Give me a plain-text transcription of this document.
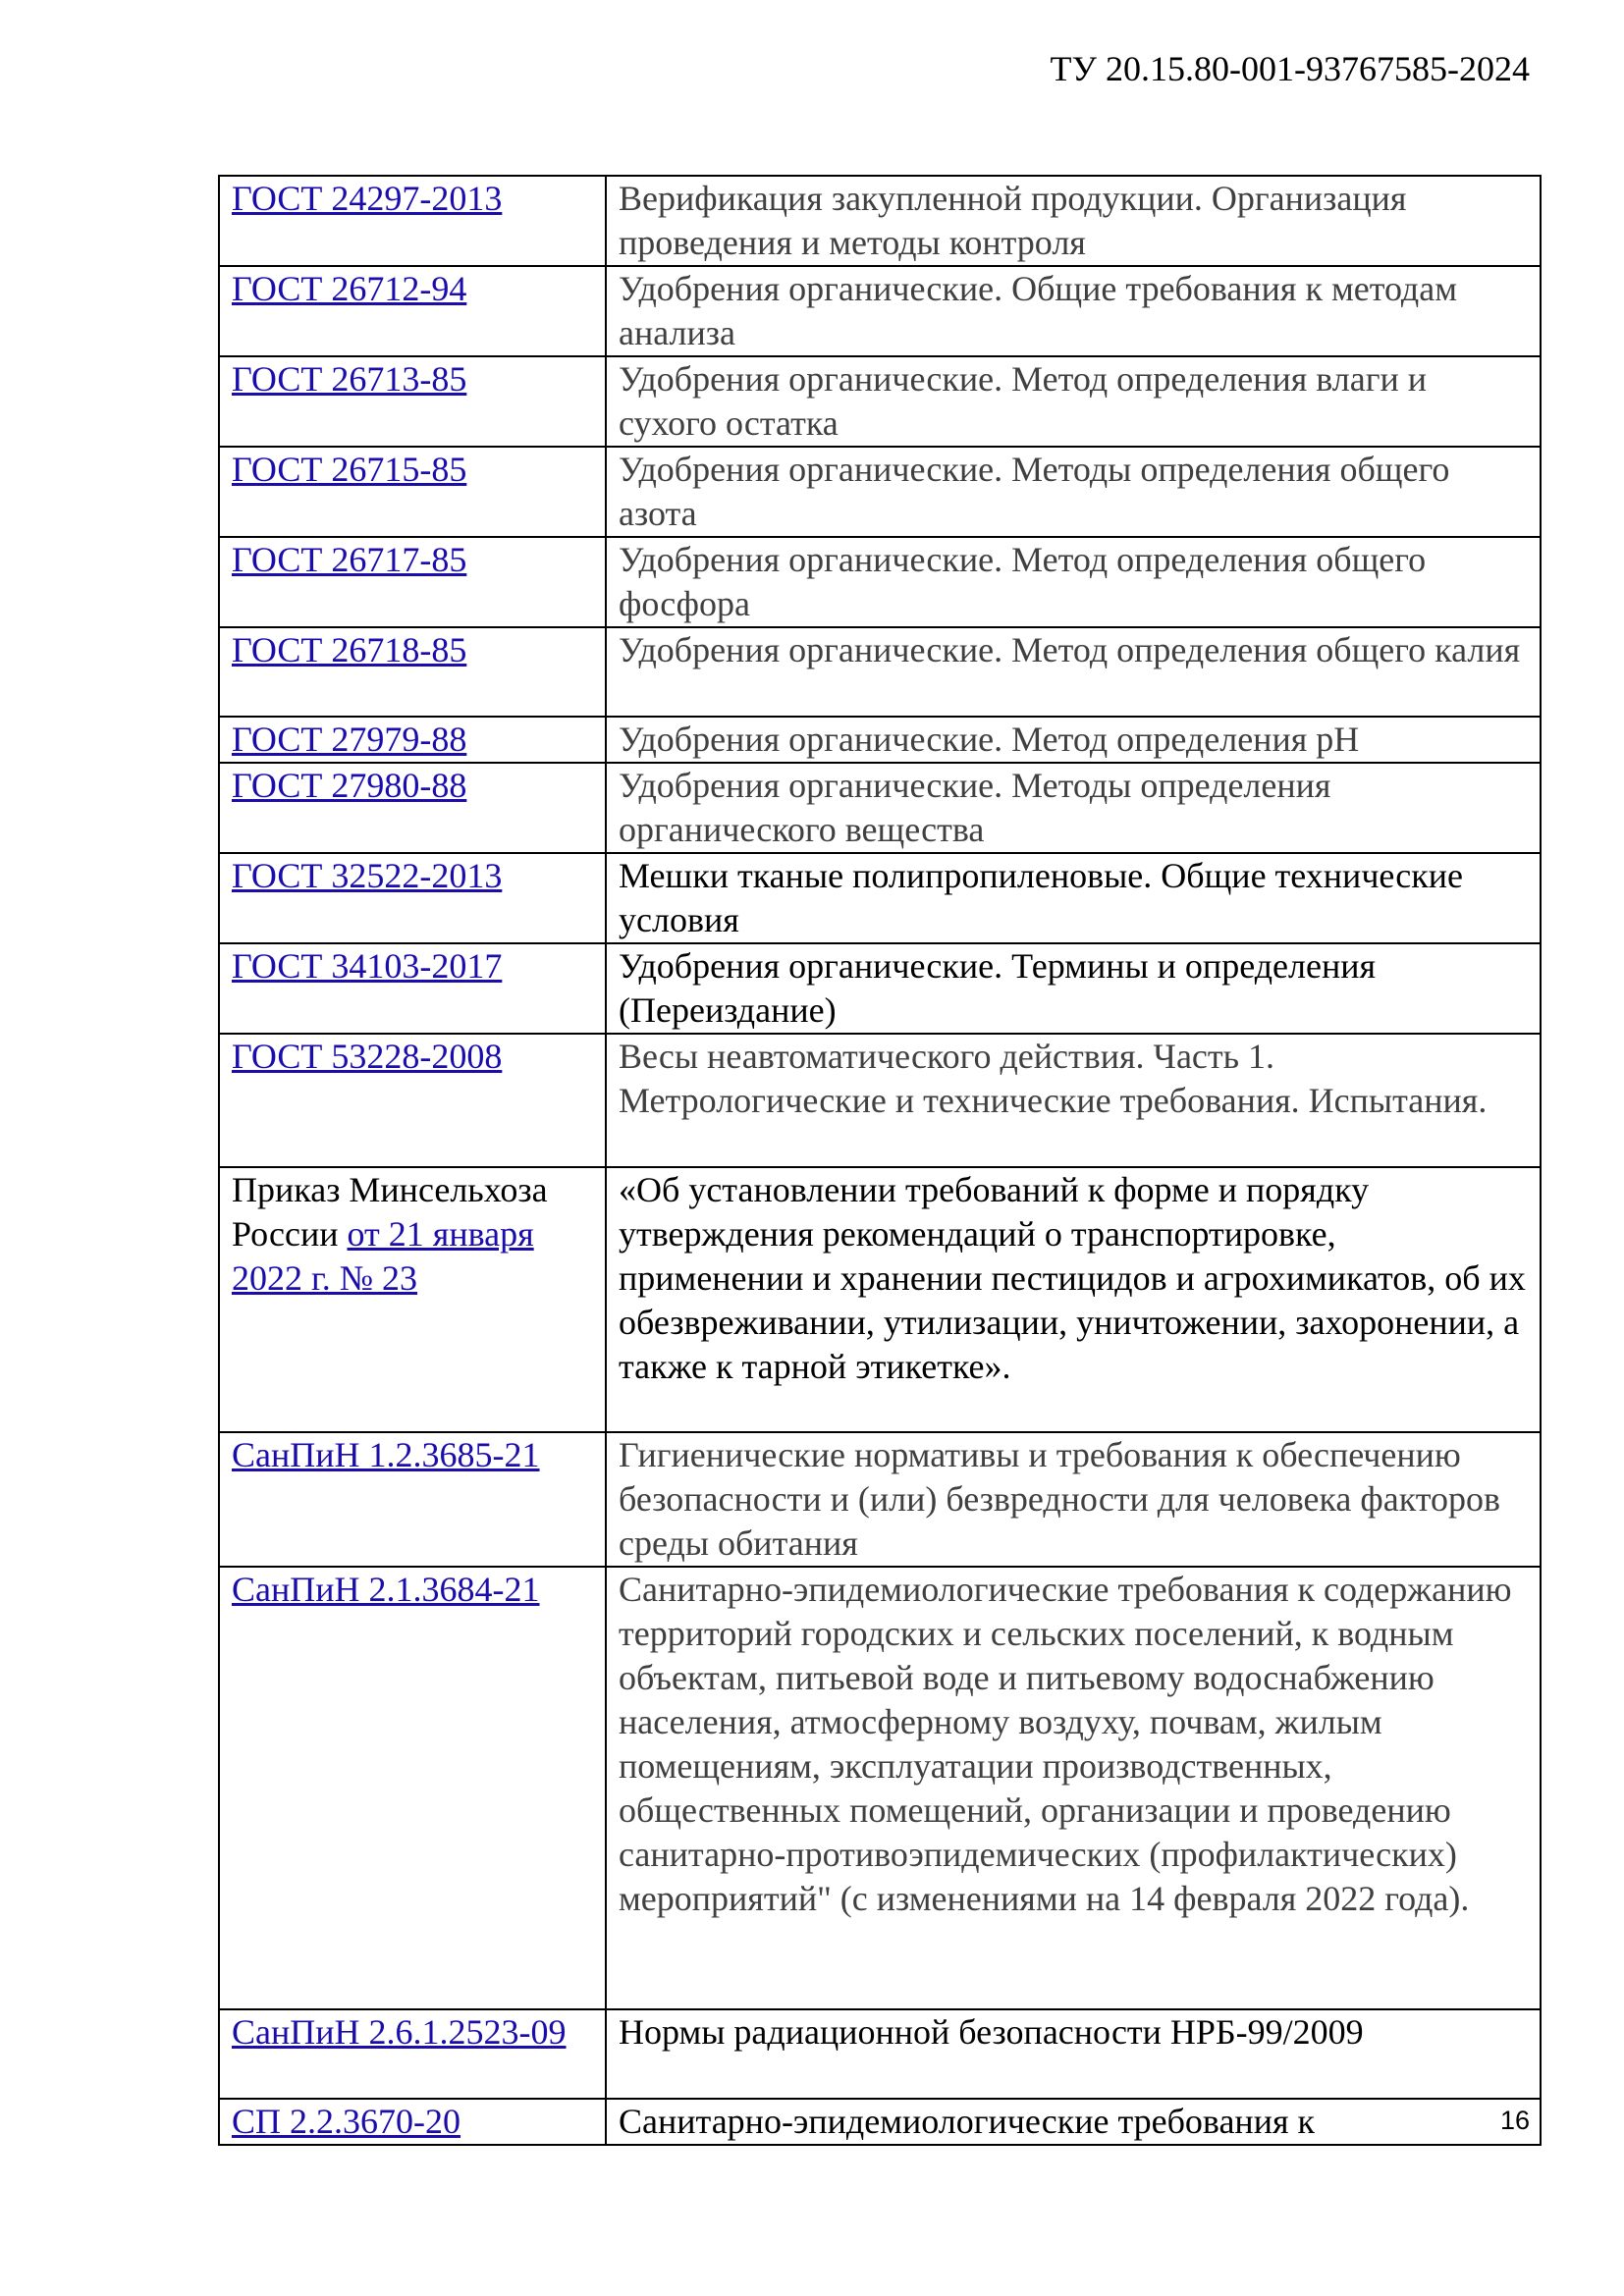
ТУ 20.15.80-001-93767585-2024
ГОСТ 24297-2013	Верификация закупленной продукции. Организация проведения и методы контроля
ГОСТ 26712-94	Удобрения органические. Общие требования к методам анализа
ГОСТ 26713-85	Удобрения органические. Метод определения влаги и сухого остатка
ГОСТ 26715-85	Удобрения органические. Методы определения общего азота
ГОСТ 26717-85	Удобрения органические. Метод определения общего фосфора
ГОСТ 26718-85	Удобрения органические. Метод определения общего калия
ГОСТ 27979-88	Удобрения органические. Метод определения pH
ГОСТ 27980-88	Удобрения органические. Методы определения органического вещества
ГОСТ 32522-2013	Мешки тканые полипропиленовые. Общие технические условия
ГОСТ 34103-2017	Удобрения органические. Термины и определения (Переиздание)
ГОСТ 53228-2008	Весы неавтоматического действия. Часть 1. Метрологические и технические требования. Испытания.
Приказ Минсельхоза России от 21 января 2022 г. № 23	«Об установлении требований к форме и порядку утверждения рекомендаций о транспортировке, применении и хранении пестицидов и агрохимикатов, об их обезвреживании, утилизации, уничтожении, захоронении, а также к тарной этикетке».
СанПиН 1.2.3685-21	Гигиенические нормативы и требования к обеспечению безопасности и (или) безвредности для человека факторов среды обитания
СанПиН 2.1.3684-21	Санитарно-эпидемиологические требования к содержанию территорий городских и сельских поселений, к водным объектам, питьевой воде и питьевому водоснабжению населения, атмосферному воздуху, почвам, жилым помещениям, эксплуатации производственных, общественных помещений, организации и проведению санитарно-противоэпидемических (профилактических) мероприятий" (с изменениями на 14 февраля 2022 года).
СанПиН 2.6.1.2523-09	Нормы радиационной безопасности НРБ-99/2009
СП 2.2.3670-20	Санитарно-эпидемиологические требования к	16
